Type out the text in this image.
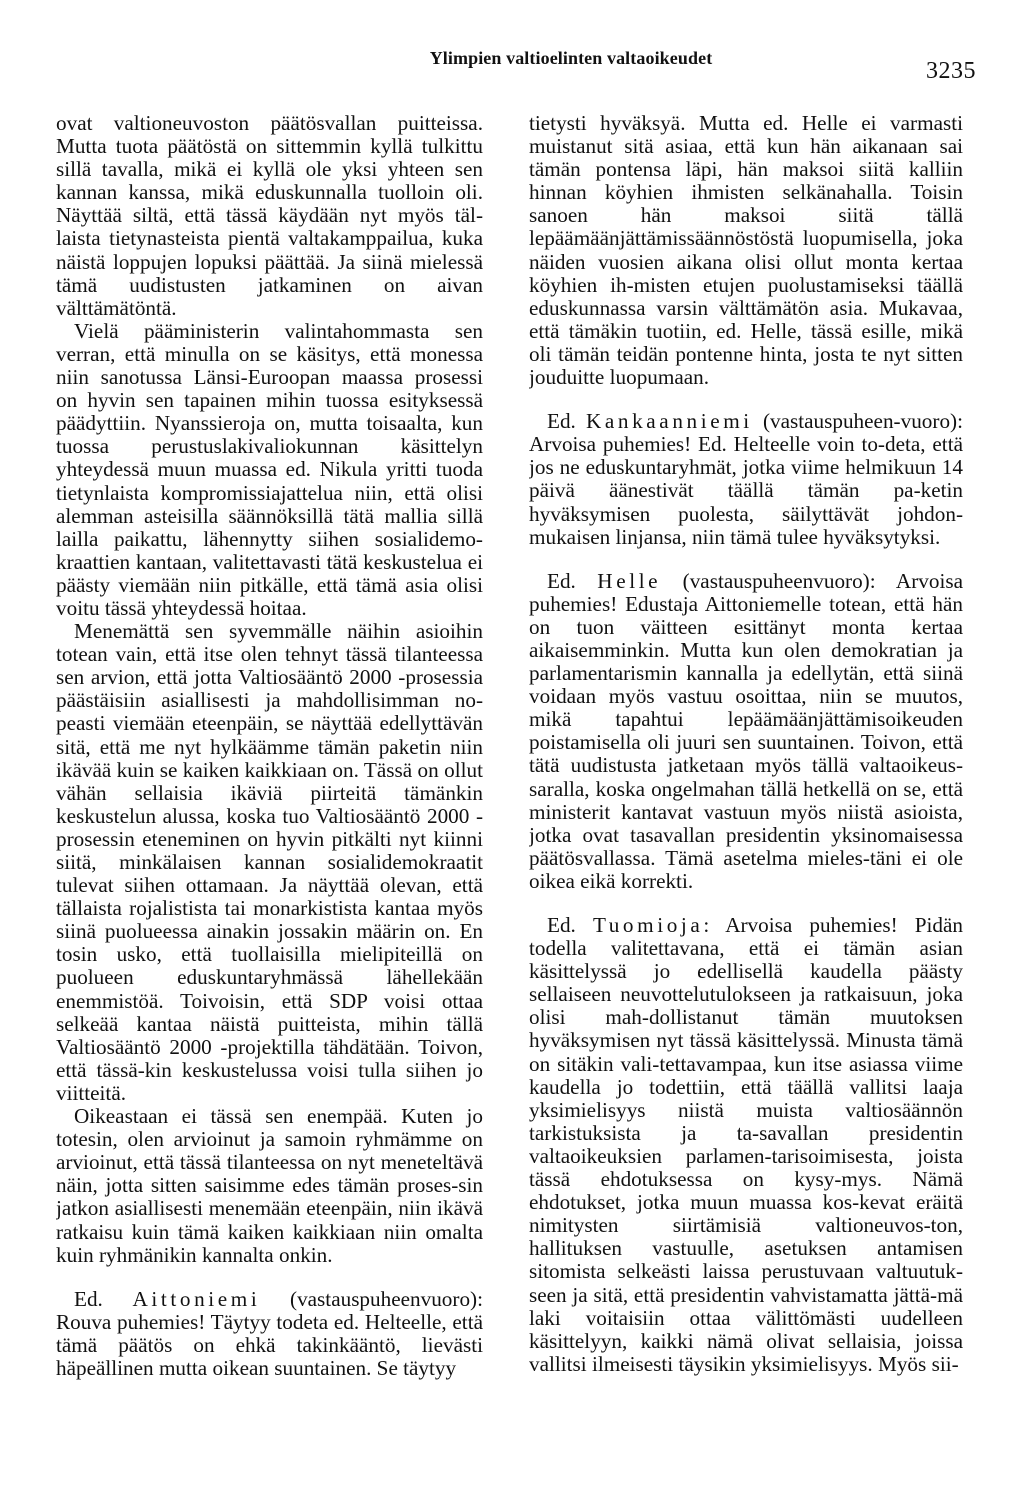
Ylimpien valtioelinten valtaoikeudet	3235

ovat valtioneuvoston päätösvallan puitteissa. Mutta tuota päätöstä on sittemmin kyllä tulkittu sillä tavalla, mikä ei kyllä ole yksi yhteen sen kannan kanssa, mikä eduskunnalla tuolloin oli. Näyttää siltä, että tässä käydään nyt myös täl-laista tietynasteista pientä valtakamppailua, kuka näistä loppujen lopuksi päättää. Ja siinä mielessä tämä uudistusten jatkaminen on aivan välttämätöntä.

Vielä pääministerin valintahommasta sen verran, että minulla on se käsitys, että monessa niin sanotussa Länsi-Euroopan maassa prosessi on hyvin sen tapainen mihin tuossa esityksessä päädyttiin. Nyanssieroja on, mutta toisaalta, kun tuossa perustuslakivaliokunnan käsittelyn yhteydessä muun muassa ed. Nikula yritti tuoda tietynlaista kompromissiajattelua niin, että olisi alemman asteisilla säännöksillä tätä mallia sillä lailla paikattu, lähennytty siihen sosialidemo-kraattien kantaan, valitettavasti tätä keskustelua ei päästy viemään niin pitkälle, että tämä asia olisi voitu tässä yhteydessä hoitaa.

Menemättä sen syvemmälle näihin asioihin totean vain, että itse olen tehnyt tässä tilanteessa sen arvion, että jotta Valtiosääntö 2000 -prosessia päästäisiin asiallisesti ja mahdollisimman no-peasti viemään eteenpäin, se näyttää edellyttävän sitä, että me nyt hylkäämme tämän paketin niin ikävää kuin se kaiken kaikkiaan on. Tässä on ollut vähän sellaisia ikäviä piirteitä tämänkin keskustelun alussa, koska tuo Valtiosääntö 2000 -prosessin eteneminen on hyvin pitkälti nyt kiinni siitä, minkälaisen kannan sosialidemokraatit tulevat siihen ottamaan. Ja näyttää olevan, että tällaista rojalistista tai monarkistista kantaa myös siinä puolueessa ainakin jossakin määrin on. En tosin usko, että tuollaisilla mielipiteillä on puolueen eduskuntaryhmässä lähellekään enemmistöä. Toivoisin, että SDP voisi ottaa selkeää kantaa näistä puitteista, mihin tällä Valtiosääntö 2000 -projektilla tähdätään. Toivon, että tässä-kin keskustelussa voisi tulla siihen jo viitteitä.

Oikeastaan ei tässä sen enempää. Kuten jo totesin, olen arvioinut ja samoin ryhmämme on arvioinut, että tässä tilanteessa on nyt meneteltävä näin, jotta sitten saisimme edes tämän proses-sin jatkon asiallisesti menemään eteenpäin, niin ikävä ratkaisu kuin tämä kaiken kaikkiaan niin omalta kuin ryhmänikin kannalta onkin.

Ed. Aittoniemi (vastauspuheenvuoro): Rouva puhemies! Täytyy todeta ed. Helteelle, että tämä päätös on ehkä takinkääntö, lievästi häpeällinen mutta oikean suuntainen. Se täytyy

tietysti hyväksyä. Mutta ed. Helle ei varmasti muistanut sitä asiaa, että kun hän aikanaan sai tämän pontensa läpi, hän maksoi siitä kalliin hinnan köyhien ihmisten selkänahalla. Toisin sanoen hän maksoi siitä tällä lepäämäänjättämissäännöstöstä luopumisella, joka näiden vuosien aikana olisi ollut monta kertaa köyhien ih-misten etujen puolustamiseksi täällä eduskunnassa varsin välttämätön asia. Mukavaa, että tämäkin tuotiin, ed. Helle, tässä esille, mikä oli tämän teidän pontenne hinta, josta te nyt sitten jouduitte luopumaan.

Ed. Kankaanniemi (vastauspuheen-vuoro): Arvoisa puhemies! Ed. Helteelle voin to-deta, että jos ne eduskuntaryhmät, jotka viime helmikuun 14 päivä äänestivät täällä tämän pa-ketin hyväksymisen puolesta, säilyttävät johdon-mukaisen linjansa, niin tämä tulee hyväksytyksi.

Ed. Helle (vastauspuheenvuoro): Arvoisa puhemies! Edustaja Aittoniemelle totean, että hän on tuon väitteen esittänyt monta kertaa aikaisemminkin. Mutta kun olen demokratian ja parlamentarismin kannalla ja edellytän, että siinä voidaan myös vastuu osoittaa, niin se muutos, mikä tapahtui lepäämäänjättämisoikeuden poistamisella oli juuri sen suuntainen. Toivon, että tätä uudistusta jatketaan myös tällä valtaoikeus-saralla, koska ongelmahan tällä hetkellä on se, että ministerit kantavat vastuun myös niistä asioista, jotka ovat tasavallan presidentin yksinomaisessa päätösvallassa. Tämä asetelma mieles-täni ei ole oikea eikä korrekti.

Ed. Tuomioja: Arvoisa puhemies! Pidän todella valitettavana, että ei tämän asian käsittelyssä jo edellisellä kaudella päästy sellaiseen neuvottelutulokseen ja ratkaisuun, joka olisi mah-dollistanut tämän muutoksen hyväksymisen nyt tässä käsittelyssä. Minusta tämä on sitäkin vali-tettavampaa, kun itse asiassa viime kaudella jo todettiin, että täällä vallitsi laaja yksimielisyys niistä muista valtiosäännön tarkistuksista ja ta-savallan presidentin valtaoikeuksien parlamen-tarisoimisesta, joista tässä ehdotuksessa on kysy-mys. Nämä ehdotukset, jotka muun muassa kos-kevat eräitä nimitysten siirtämisiä valtioneuvos-ton, hallituksen vastuulle, asetuksen antamisen sitomista selkeästi laissa perustuvaan valtuutuk-seen ja sitä, että presidentin vahvistamatta jättä-mä laki voitaisiin ottaa välittömästi uudelleen käsittelyyn, kaikki nämä olivat sellaisia, joissa vallitsi ilmeisesti täysikin yksimielisyys. Myös sii-
